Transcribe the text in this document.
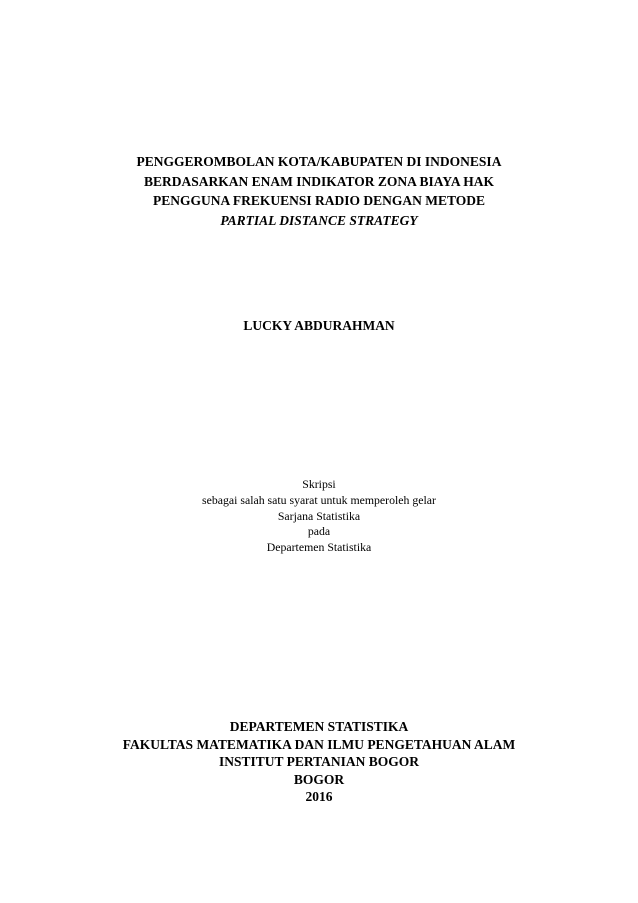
PENGGEROMBOLAN KOTA/KABUPATEN DI INDONESIA
BERDASARKAN ENAM INDIKATOR ZONA BIAYA HAK
PENGGUNA FREKUENSI RADIO DENGAN METODE
PARTIAL DISTANCE STRATEGY
LUCKY ABDURAHMAN
Skripsi
sebagai salah satu syarat untuk memperoleh gelar
Sarjana Statistika
pada
Departemen Statistika
DEPARTEMEN STATISTIKA
FAKULTAS MATEMATIKA DAN ILMU PENGETAHUAN ALAM
INSTITUT PERTANIAN BOGOR
BOGOR
2016
